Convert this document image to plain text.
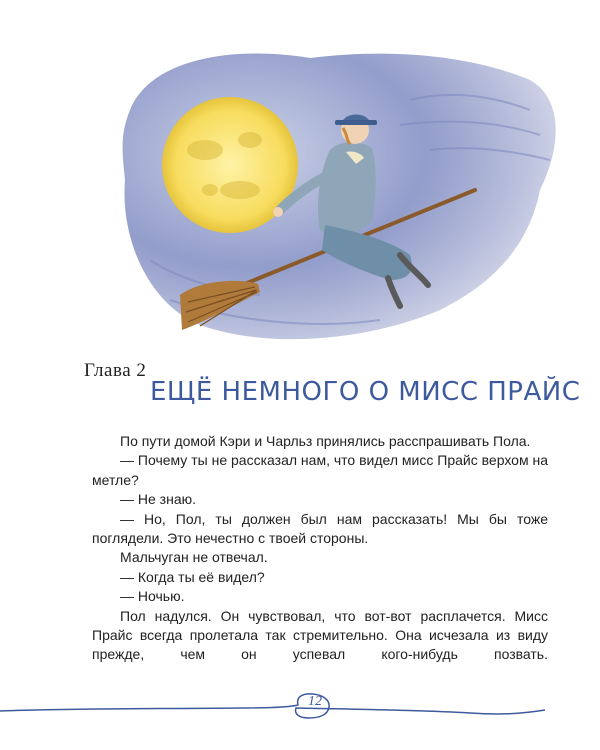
Глава 2
ЕЩЁ НЕМНОГО О МИСС ПРАЙС

По пути домой Кэри и Чарльз принялись расспрашивать Пола.

— Почему ты не рассказал нам, что видел мисс Прайс верхом на метле?

— Не знаю.

— Но, Пол, ты должен был нам рассказать! Мы бы тоже поглядели. Это нечестно с твоей стороны.

Мальчуган не отвечал.

— Когда ты её видел?

— Ночью.

Пол надулся. Он чувствовал, что вот-вот расплачется. Мисс Прайс всегда пролетала так стремительно. Она исчезала из виду прежде, чем он успевал кого-нибудь позвать.

12
